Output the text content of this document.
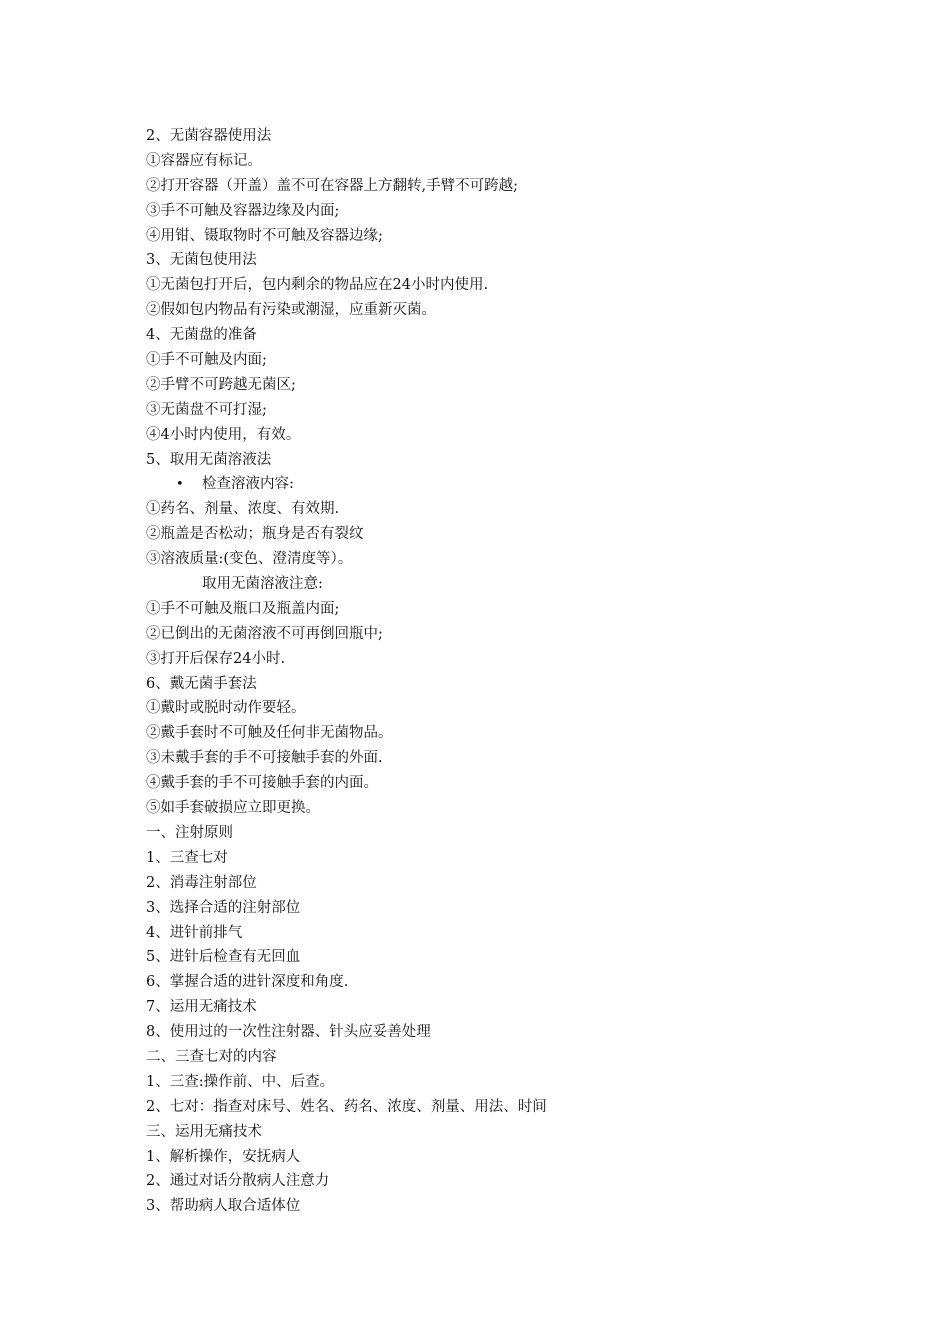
2、无菌容器使用法
①容器应有标记。
②打开容器（开盖）盖不可在容器上方翻转,手臂不可跨越;
③手不可触及容器边缘及内面;
④用钳、镊取物时不可触及容器边缘;
3、无菌包使用法
①无菌包打开后，包内剩余的物品应在24小时内使用.
②假如包内物品有污染或潮湿，应重新灭菌。
4、无菌盘的准备
①手不可触及内面;
②手臂不可跨越无菌区;
③无菌盘不可打湿;
④4小时内使用，有效。
5、取用无菌溶液法
• 检查溶液内容:
①药名、剂量、浓度、有效期.
②瓶盖是否松动；瓶身是否有裂纹
③溶液质量:(变色、澄清度等）。
取用无菌溶液注意:
①手不可触及瓶口及瓶盖内面;
②已倒出的无菌溶液不可再倒回瓶中;
③打开后保存24小时.
6、戴无菌手套法
①戴时或脱时动作要轻。
②戴手套时不可触及任何非无菌物品。
③未戴手套的手不可接触手套的外面.
④戴手套的手不可接触手套的内面。
⑤如手套破损应立即更换。
一、注射原则
1、三查七对
2、消毒注射部位
3、选择合适的注射部位
4、进针前排气
5、进针后检查有无回血
6、掌握合适的进针深度和角度.
7、运用无痛技术
8、使用过的一次性注射器、针头应妥善处理
二、三查七对的内容
1、三查:操作前、中、后查。
2、七对：指查对床号、姓名、药名、浓度、剂量、用法、时间
三、运用无痛技术
1、解析操作，安抚病人
2、通过对话分散病人注意力
3、帮助病人取合适体位
